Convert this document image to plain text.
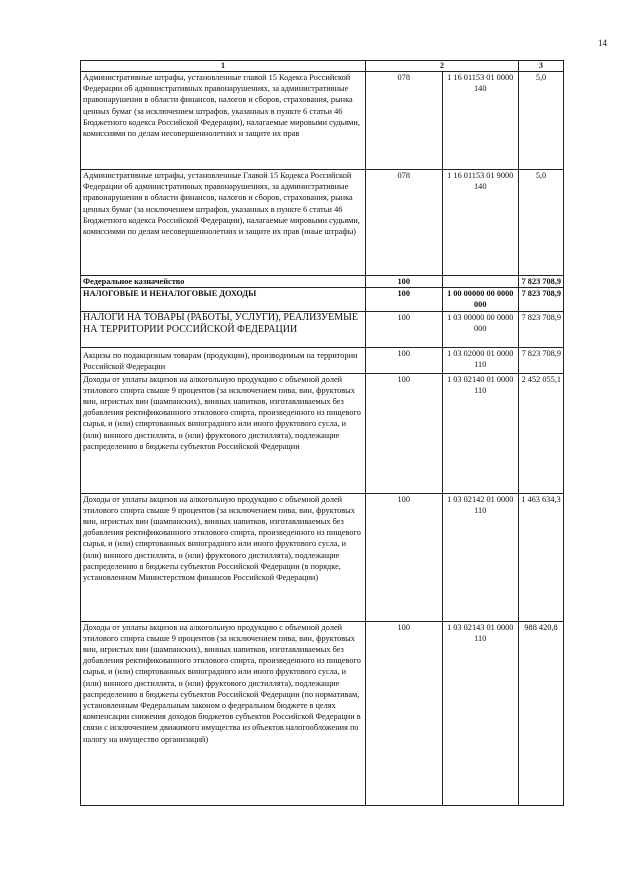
14
1	2		3
Административные штрафы, установленные главой 15 Кодекса Российской Федерации об административных правонарушениях, за административные правонарушения в области финансов, налогов и сборов, страхования, рынка ценных бумаг (за исключением штрафов, указанных в пункте 6 статьи 46 Бюджетного кодекса Российской Федерации), налагаемые мировыми судьями, комиссиями по делам несовершеннолетних и защите их прав	078	1 16 01153 01 0000 140	5,0
Административные штрафы, установленные Главой 15 Кодекса Российской Федерации об административных правонарушениях, за административные правонарушения в области финансов, налогов и сборов, страхования, рынка ценных бумаг (за исключением штрафов, указанных в пункте 6 статьи 46 Бюджетного кодекса Российской Федерации), налагаемые мировыми судьями, комиссиями по делам несовершеннолетних и защите их прав (иные штрафы)	078	1 16 01153 01 9000 140	5,0
Федеральное казначейство	100		7 823 708,9
НАЛОГОВЫЕ И НЕНАЛОГОВЫЕ ДОХОДЫ	100	1 00 00000 00 0000 000	7 823 708,9
НАЛОГИ НА ТОВАРЫ (РАБОТЫ, УСЛУГИ), РЕАЛИЗУЕМЫЕ НА ТЕРРИТОРИИ РОССИЙСКОЙ ФЕДЕРАЦИИ	100	1 03 00000 00 0000 000	7 823 708,9
Акцизы по подакцизным товарам (продукции), производимым на территории Российской Федерации	100	1 03 02000 01 0000 110	7 823 708,9
Доходы от уплаты акцизов на алкогольную продукцию с объемной долей этилового спирта свыше 9 процентов (за исключением пива, вин, фруктовых вин, игристых вин (шампанских), винных напитков, изготавливаемых без добавления ректификованного этилового спирта, произведенного из пищевого сырья, и (или) спиртованных виноградного или иного фруктового сусла, и (или) винного дистиллята, и (или) фруктового дистиллята), подлежащие распределению в бюджеты субъектов Российской Федерации	100	1 03 02140 01 0000 110	2 452 055,1
Доходы от уплаты акцизов на алкогольную продукцию с объемной долей этилового спирта свыше 9 процентов (за исключением пива, вин, фруктовых вин, игристых вин (шампанских), винных напитков, изготавливаемых без добавления ректификованного этилового спирта, произведенного из пищевого сырья, и (или) спиртованных виноградного или иного фруктового сусла, и (или) винного дистиллята, и (или) фруктового дистиллята), подлежащие распределению в бюджеты субъектов Российской Федерации (в порядке, установленном Министерством финансов Российской Федерации)	100	1 03 02142 01 0000 110	1 463 634,3
Доходы от уплаты акцизов на алкогольную продукцию с объемной долей этилового спирта свыше 9 процентов (за исключением пива, вин, фруктовых вин, игристых вин (шампанских), винных напитков, изготавливаемых без добавления ректификованного этилового спирта, произведенного из пищевого сырья, и (или) спиртованных виноградного или иного фруктового сусла, и (или) винного дистиллята, и (или) фруктового дистиллята), подлежащие распределению в бюджеты субъектов Российской Федерации (по нормативам, установленным Федеральным законом о федеральном бюджете в целях компенсации снижения доходов бюджетов субъектов Российской Федерации в связи с исключением движимого имущества из объектов налогообложения по налогу на имущество организаций)	100	1 03 02143 01 0000 110	988 420,8
